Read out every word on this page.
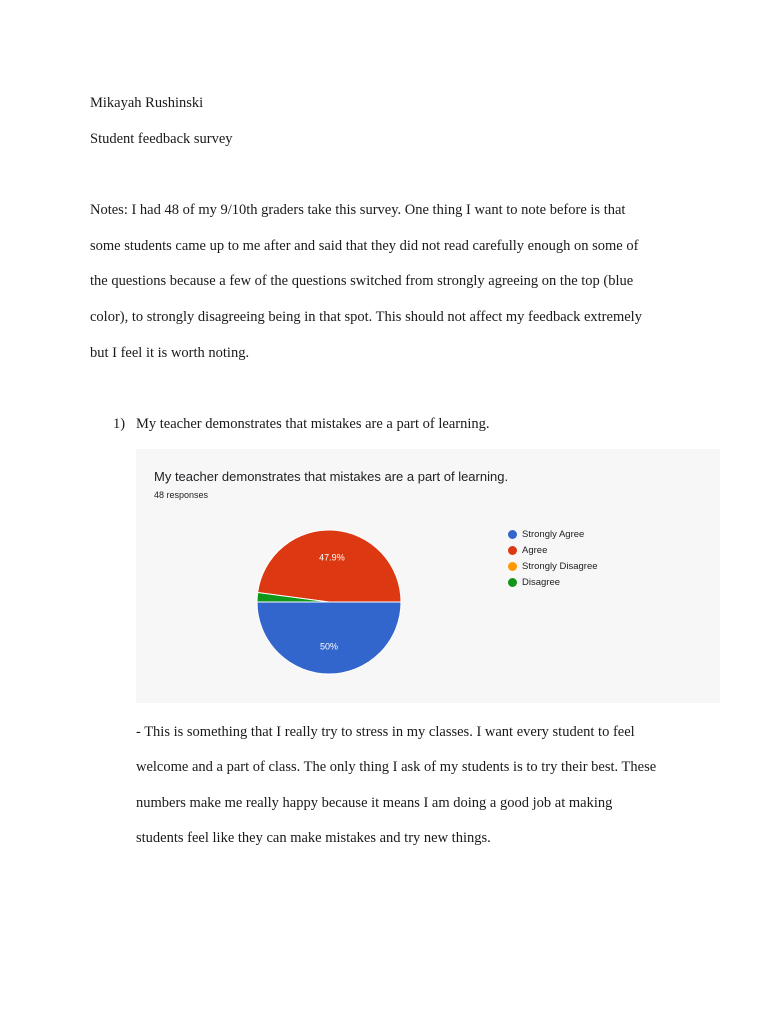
Mikayah Rushinski
Student feedback survey
Notes: I had 48 of my 9/10th graders take this survey. One thing I want to note before is that
some students came up to me after and said that they did not read carefully enough on some of
the questions because a few of the questions switched from strongly agreeing on the top (blue
color), to strongly disagreeing being in that spot. This should not affect my feedback extremely
but I feel it is worth noting.
1) My teacher demonstrates that mistakes are a part of learning.
50%
47.9%
My teacher demonstrates that mistakes are a part of learning.
48 responses
Strongly Agree
Agree
Strongly Disagree
Disagree
- This is something that I really try to stress in my classes. I want every student to feel
welcome and a part of class. The only thing I ask of my students is to try their best. These
numbers make me really happy because it means I am doing a good job at making
students feel like they can make mistakes and try new things.
